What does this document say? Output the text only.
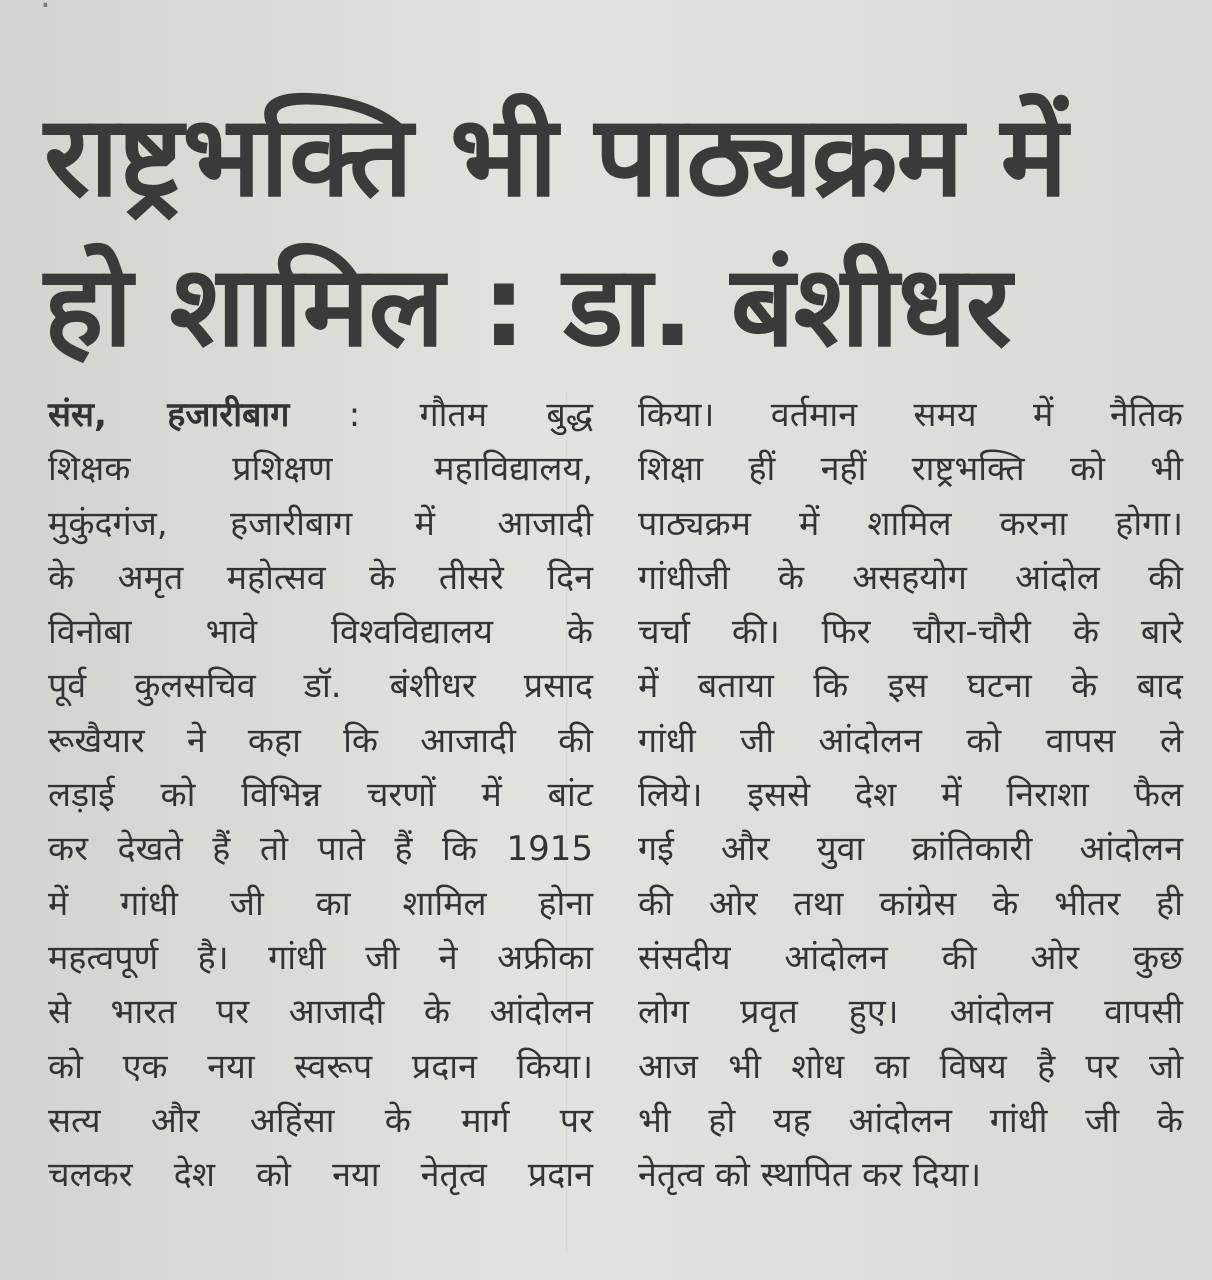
राष्ट्रभक्ति भी पाठ्यक्रम में
हो शामिल : डा. बंशीधर
संस, हजारीबाग : गौतम बुद्ध
शिक्षक प्रशिक्षण महाविद्यालय,
मुकुंदगंज, हजारीबाग में आजादी
के अमृत महोत्सव के तीसरे दिन
विनोबा भावे विश्वविद्यालय के
पूर्व कुलसचिव डॉ. बंशीधर प्रसाद
रूखैयार ने कहा कि आजादी की
लड़ाई को विभिन्न चरणों में बांट
कर देखते हैं तो पाते हैं कि 1915
में गांधी जी का शामिल होना
महत्वपूर्ण है। गांधी जी ने अफ्रीका
से भारत पर आजादी के आंदोलन
को एक नया स्वरूप प्रदान किया।
सत्य और अहिंसा के मार्ग पर
चलकर देश को नया नेतृत्व प्रदान
किया। वर्तमान समय में नैतिक
शिक्षा हीं नहीं राष्ट्रभक्ति को भी
पाठ्यक्रम में शामिल करना होगा।
गांधीजी के असहयोग आंदोल की
चर्चा की। फिर चौरा-चौरी के बारे
में बताया कि इस घटना के बाद
गांधी जी आंदोलन को वापस ले
लिये। इससे देश में निराशा फैल
गई और युवा क्रांतिकारी आंदोलन
की ओर तथा कांग्रेस के भीतर ही
संसदीय आंदोलन की ओर कुछ
लोग प्रवृत हुए। आंदोलन वापसी
आज भी शोध का विषय है पर जो
भी हो यह आंदोलन गांधी जी के
नेतृत्व को स्थापित कर दिया।
